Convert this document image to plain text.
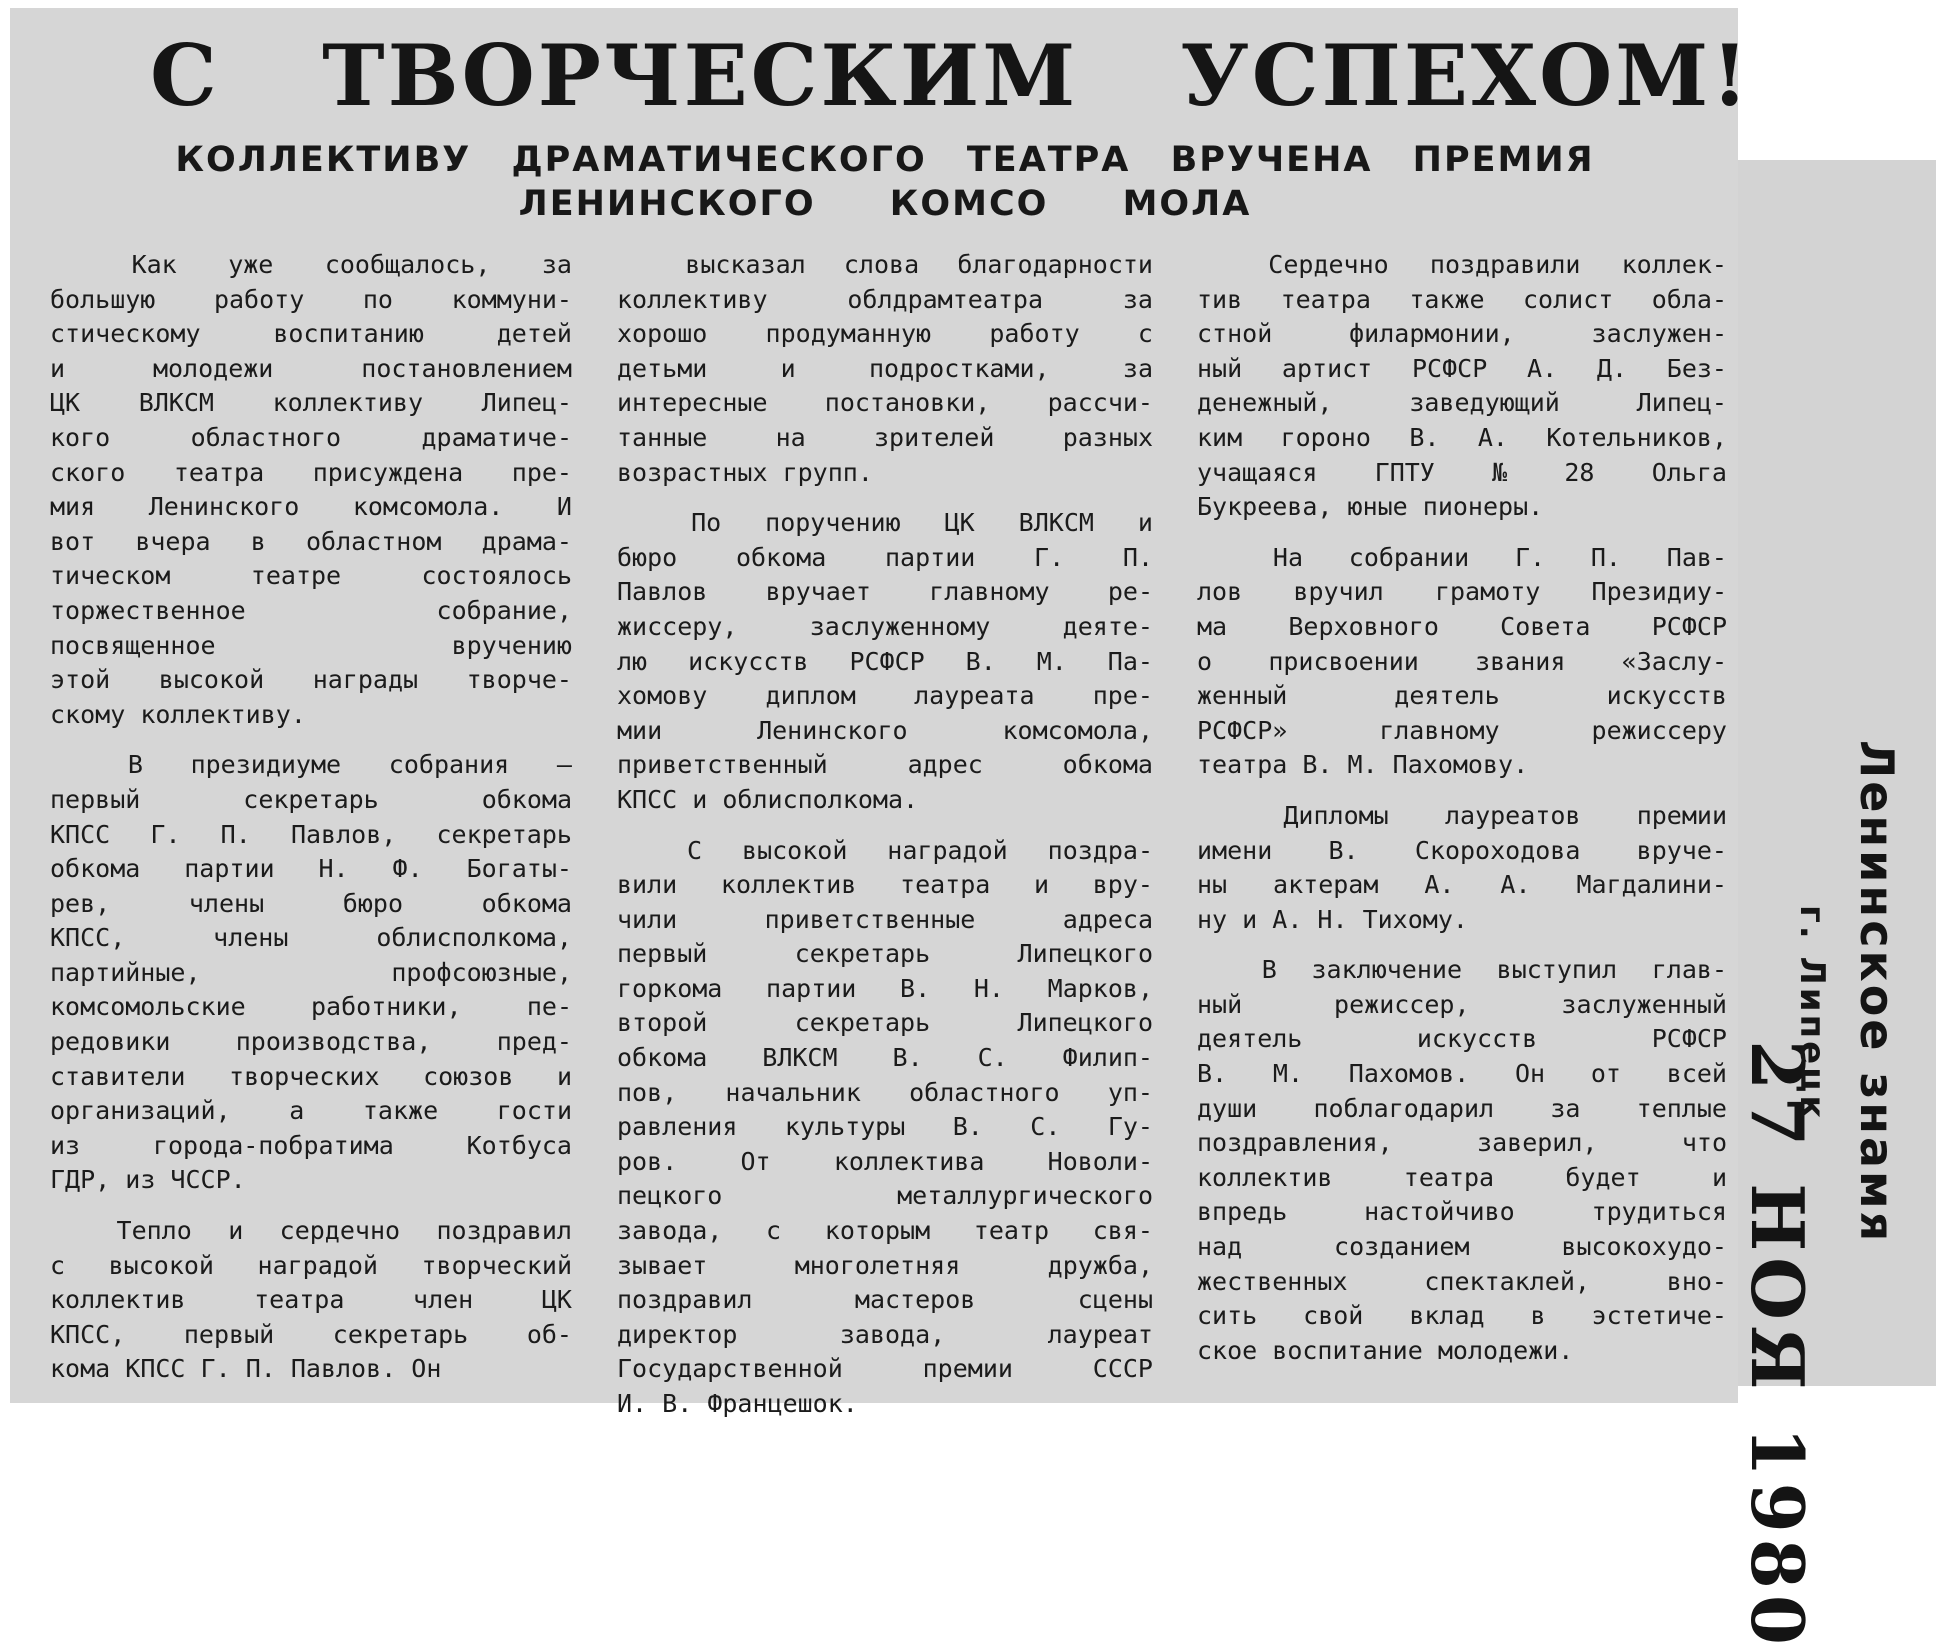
С ТВОРЧЕСКИМ УСПЕХОМ!
КОЛЛЕКТИВУ ДРАМАТИЧЕСКОГО ТЕАТРА ВРУЧЕНА ПРЕМИЯ
ЛЕНИНСКОГО КОМСО МОЛА

Как уже сообщалось, за
большую работу по коммуни-
стическому	воспитанию	детей
и	молодежи	постановлением
ЦК ВЛКСМ коллективу Липец-
кого	областного	драматиче-
ского театра присуждена пре-
мия Ленинского комсомола. И
вот вчера в областном драма-
тическом	театре	состоялось
торжественное	собрание,
посвященное	вручению
этой высокой награды творче-
скому коллективу.

В президиуме собрания —
первый	секретарь	обкома
КПСС Г. П. Павлов, секретарь
обкома партии Н. Ф. Богаты-
рев,	члены	бюро	обкома
КПСС,	члены	облисполкома,
партийные,	профсоюзные,
комсомольские	работники,	пе-
редовики	производства,	пред-
ставители творческих союзов и
организаций, а также гости
из	города-побратима	Котбуса
ГДР, из ЧССР.

Тепло и сердечно поздравил
с высокой наградой творческий
коллектив	театра	член	ЦК
КПСС, первый секретарь об-
кома КПСС Г. П. Павлов. Он

высказал слова благодарности
коллективу	облдрамтеатра	за
хорошо продуманную работу с
детьми	и	подростками,	за
интересные постановки, рассчи-
танные	на	зрителей	разных
возрастных групп.

По поручению ЦК ВЛКСМ и
бюро обкома партии Г. П.
Павлов вручает главному ре-
жиссеру,	заслуженному	деяте-
лю искусств РСФСР В. М. Па-
хомову диплом лауреата пре-
мии	Ленинского	комсомола,
приветственный	адрес	обкома
КПСС и облисполкома.

С высокой наградой поздра-
вили коллектив театра и вру-
чили	приветственные	адреса
первый	секретарь	Липецкого
горкома партии В. Н. Марков,
второй	секретарь	Липецкого
обкома ВЛКСМ В. С. Филип-
пов, начальник областного уп-
равления культуры В. С. Гу-
ров.	От	коллектива	Новоли-
пецкого	металлургического
завода, с которым театр свя-
зывает	многолетняя	дружба,
поздравил	мастеров	сцены
директор	завода,	лауреат
Государственной	премии	СССР
И. В. Францешок.

Сердечно поздравили коллек-
тив театра также солист обла-
стной	филармонии,	заслужен-
ный артист РСФСР А. Д. Без-
денежный,	заведующий	Липец-
ким гороно В. А. Котельников,
учащаяся ГПТУ № 28 Ольга
Букреева, юные пионеры.

На собрании Г. П. Пав-
лов вручил грамоту Президиу-
ма Верховного Совета РСФСР
о присвоении звания «Заслу-
женный	деятель	искусств
РСФСР»	главному	режиссеру
театра В. М. Пахомову.

Дипломы лауреатов премии
имени В. Скороходова вруче-
ны актерам А. А. Магдалини-
ну и А. Н. Тихому.

В заключение выступил глав-
ный	режиссер,	заслуженный
деятель	искусств	РСФСР
В. М. Пахомов. Он от всей
души поблагодарил за теплые
поздравления,	заверил,	что
коллектив	театра	будет	и
впредь	настойчиво	трудиться
над	созданием	высокохудо-
жественных	спектаклей,	вно-
сить свой вклад в эстетиче-
ское воспитание молодежи. 27 НОЯ 1980
Ленинское знамя
г. Липецк
